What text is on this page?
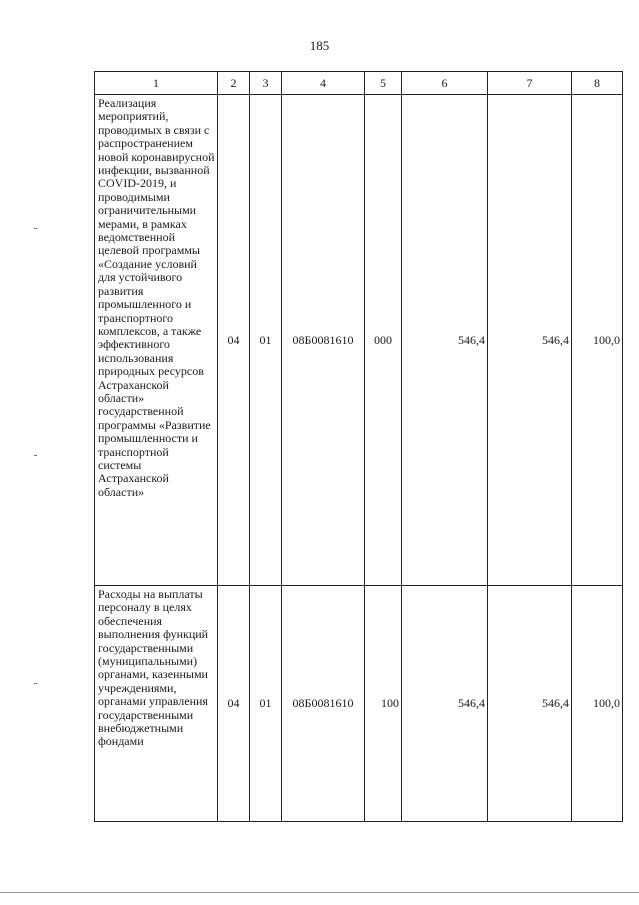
185
1	2	3	4	5	6	7	8
Реализация мероприятий, проводимых в связи с распространением новой коронавирусной инфекции, вызванной COVID-2019, и проводимыми ограничительными мерами, в рамках ведомственной целевой программы «Создание условий для устойчивого развития промышленного и транспортного комплексов, а также эффективного использования природных ресурсов Астраханской области» государственной программы «Развитие промышленности и транспортной системы Астраханской области»	04	01	08Б0081610	000	546,4	546,4	100,0
Расходы на выплаты персоналу в целях обеспечения выполнения функций государственными (муниципальными) органами, казенными учреждениями, органами управления государственными внебюджетными фондами	04	01	08Б0081610	100	546,4	546,4	100,0
